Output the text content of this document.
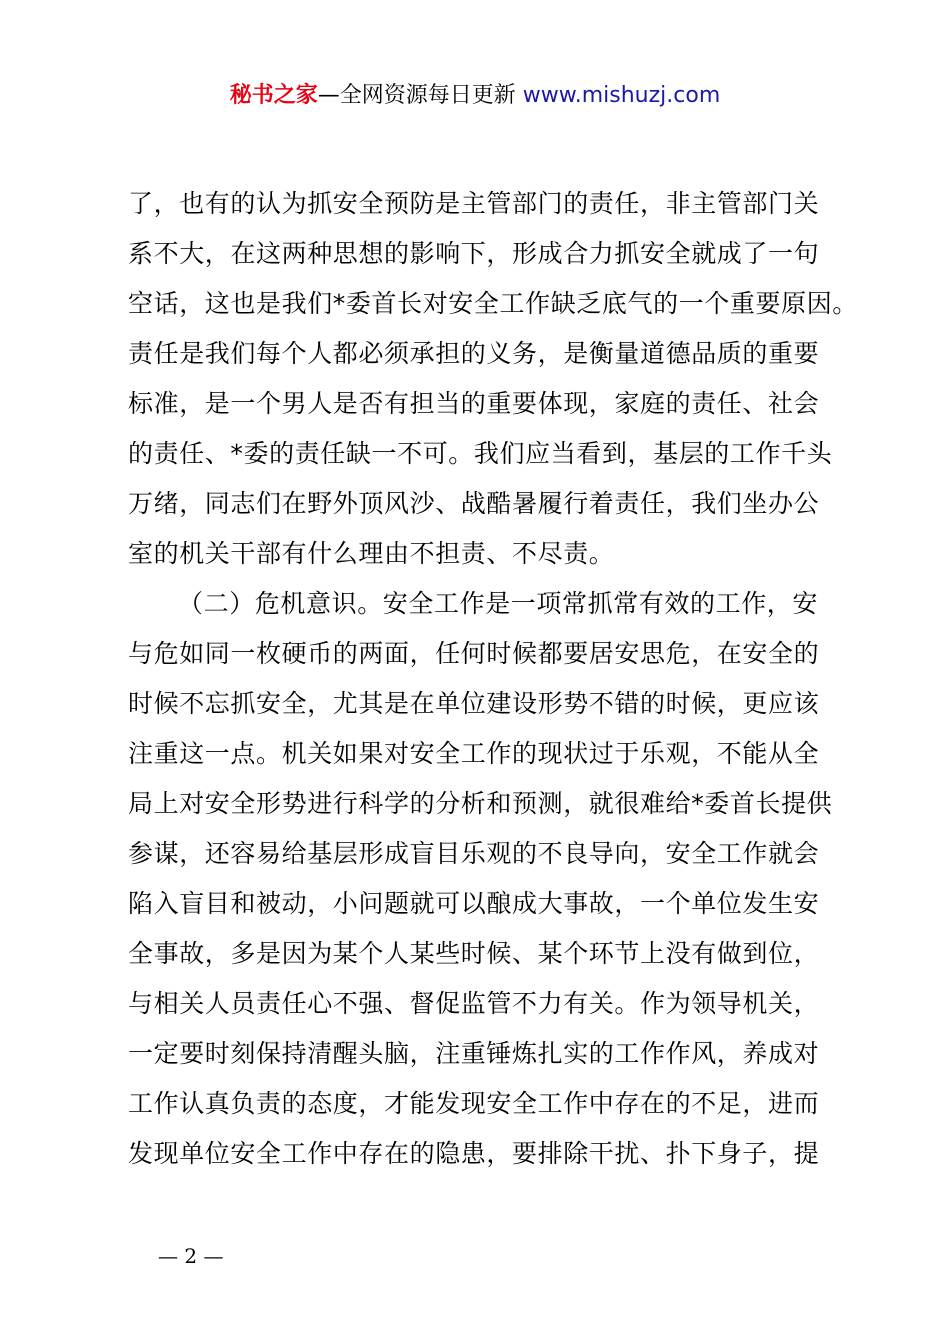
秘书之家—全网资源每日更新 www.mishuzj.com
了，也有的认为抓安全预防是主管部门的责任，非主管部门关
系不大，在这两种思想的影响下，形成合力抓安全就成了一句
空话，这也是我们*委首长对安全工作缺乏底气的一个重要原因。
责任是我们每个人都必须承担的义务，是衡量道德品质的重要
标准，是一个男人是否有担当的重要体现，家庭的责任、社会
的责任、*委的责任缺一不可。我们应当看到，基层的工作千头
万绪，同志们在野外顶风沙、战酷暑履行着责任，我们坐办公
室的机关干部有什么理由不担责、不尽责。
（二）危机意识。安全工作是一项常抓常有效的工作，安
与危如同一枚硬币的两面，任何时候都要居安思危，在安全的
时候不忘抓安全，尤其是在单位建设形势不错的时候，更应该
注重这一点。机关如果对安全工作的现状过于乐观，不能从全
局上对安全形势进行科学的分析和预测，就很难给*委首长提供
参谋，还容易给基层形成盲目乐观的不良导向，安全工作就会
陷入盲目和被动，小问题就可以酿成大事故，一个单位发生安
全事故，多是因为某个人某些时候、某个环节上没有做到位，
与相关人员责任心不强、督促监管不力有关。作为领导机关，
一定要时刻保持清醒头脑，注重锤炼扎实的工作作风，养成对
工作认真负责的态度，才能发现安全工作中存在的不足，进而
发现单位安全工作中存在的隐患，要排除干扰、扑下身子，提
— 2 —
